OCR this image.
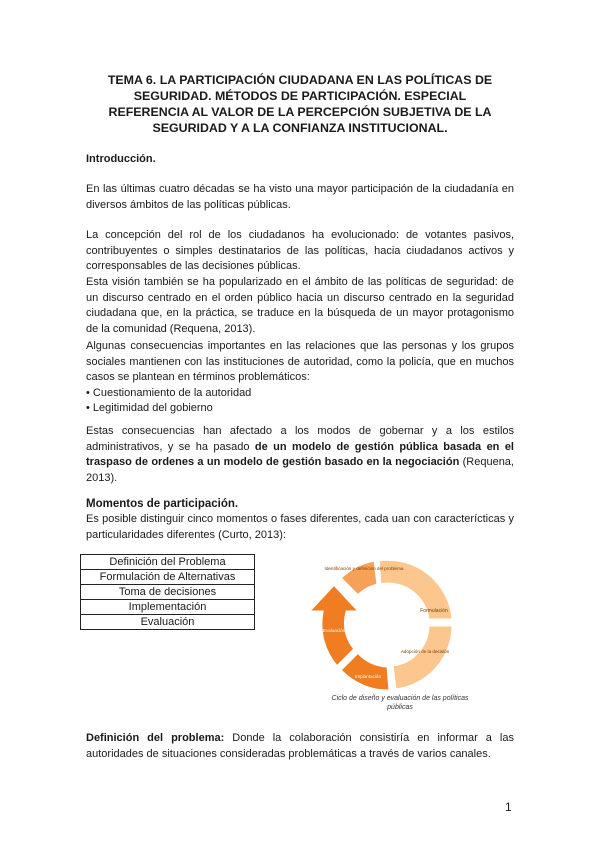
TEMA 6. LA PARTICIPACIÓN CIUDADANA EN LAS POLÍTICAS DE SEGURIDAD. MÉTODOS DE PARTICIPACIÓN. ESPECIAL REFERENCIA AL VALOR DE LA PERCEPCIÓN SUBJETIVA DE LA SEGURIDAD Y A LA CONFIANZA INSTITUCIONAL.
Introducción.
En las últimas cuatro décadas se ha visto una mayor participación de la ciudadanía en diversos ámbitos de las políticas públicas.
La concepción del rol de los ciudadanos ha evolucionado: de votantes pasivos, contribuyentes o simples destinatarios de las políticas, hacia ciudadanos activos y corresponsables de las decisiones públicas.
Esta visión también se ha popularizado en el ámbito de las políticas de seguridad: de un discurso centrado en el orden público hacia un discurso centrado en la seguridad ciudadana que, en la práctica, se traduce en la búsqueda de un mayor protagonismo de la comunidad (Requena, 2013).
Algunas consecuencias importantes en las relaciones que las personas y los grupos sociales mantienen con las instituciones de autoridad, como la policía, que en muchos casos se plantean en términos problemáticos:
• Cuestionamiento de la autoridad
• Legitimidad del gobierno
Estas consecuencias han afectado a los modos de gobernar y a los estilos administrativos, y se ha pasado de un modelo de gestión pública basada en el traspaso de ordenes a un modelo de gestión basado en la negociación (Requena, 2013).
Momentos de participación.
Es posible distinguir cinco momentos o fases diferentes, cada uan con caracterícticas y particularidades diferentes (Curto, 2013):
Definición del Problema
Formulación de Alternativas
Toma de decisiones
Implementación
Evaluación
Identificación y definición del problema
Formulación
Adopción de la decisión
Implantación
Evaluación
Ciclo de diseño y evaluación de las políticas públicas
Definición del problema: Donde la colaboración consistiría en informar a las autoridades de situaciones consideradas problemáticas a través de varios canales.
1
